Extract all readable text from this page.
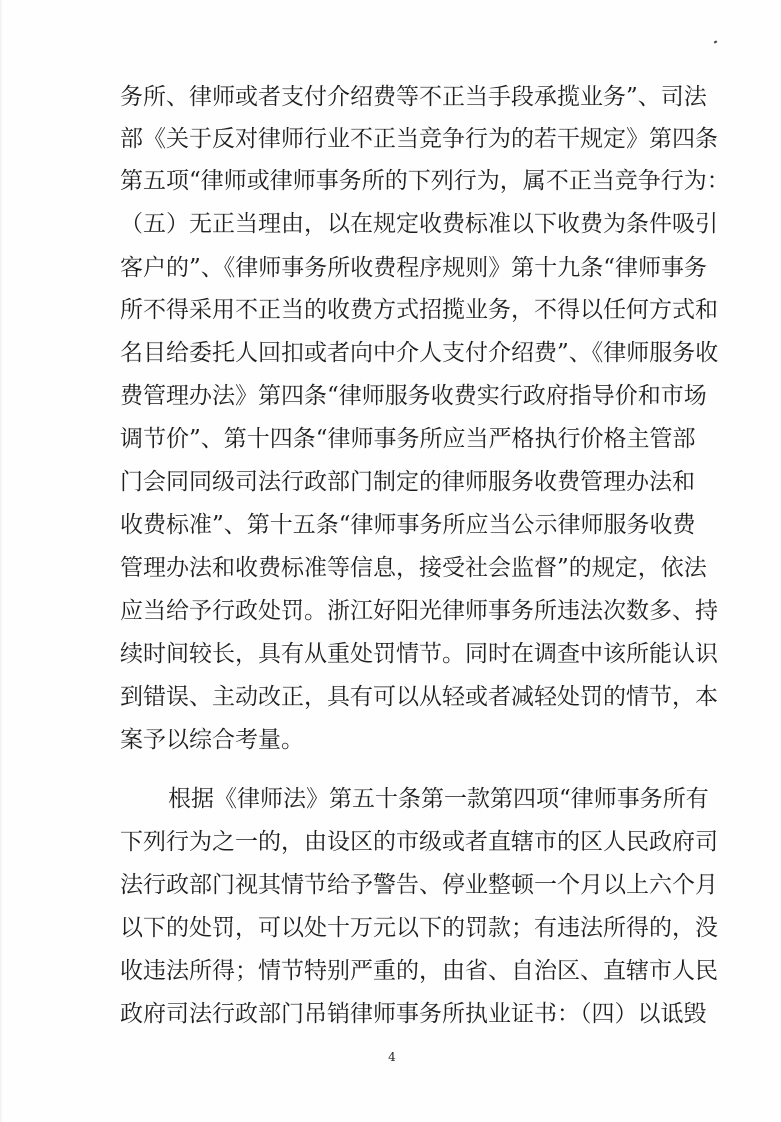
务所、律师或者支付介绍费等不正当手段承揽业务”、司法
部《关于反对律师行业不正当竞争行为的若干规定》第四条
第五项“律师或律师事务所的下列行为，属不正当竞争行为：
（五）无正当理由，以在规定收费标准以下收费为条件吸引
客户的”、《律师事务所收费程序规则》第十九条“律师事务
所不得采用不正当的收费方式招揽业务，不得以任何方式和
名目给委托人回扣或者向中介人支付介绍费”、《律师服务收
费管理办法》第四条“律师服务收费实行政府指导价和市场
调节价”、第十四条“律师事务所应当严格执行价格主管部
门会同同级司法行政部门制定的律师服务收费管理办法和
收费标准”、第十五条“律师事务所应当公示律师服务收费
管理办法和收费标准等信息，接受社会监督”的规定，依法
应当给予行政处罚。浙江好阳光律师事务所违法次数多、持
续时间较长，具有从重处罚情节。同时在调查中该所能认识
到错误、主动改正，具有可以从轻或者减轻处罚的情节，本
案予以综合考量。
根据《律师法》第五十条第一款第四项“律师事务所有
下列行为之一的，由设区的市级或者直辖市的区人民政府司
法行政部门视其情节给予警告、停业整顿一个月以上六个月
以下的处罚，可以处十万元以下的罚款；有违法所得的，没
收违法所得；情节特别严重的，由省、自治区、直辖市人民
政府司法行政部门吊销律师事务所执业证书：（四）以诋毁
4
